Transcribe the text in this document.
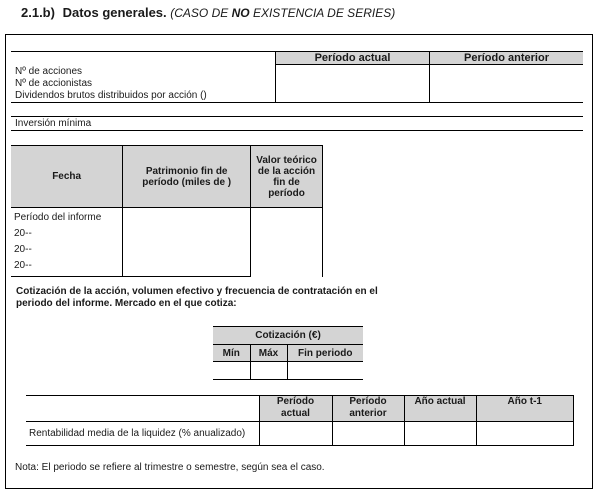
2.1.b) Datos generales. (CASO DE NO EXISTENCIA DE SERIES)
Período actual	Período anterior
Nº de acciones
Nº de accionistas
Dividendos brutos distribuidos por acción ()
Inversión mínima
Fecha	Patrimonio fin de período (miles de )	Valor teórico de la acción fin de período

Período del informe
20--
20--
20--		

Cotización de la acción, volumen efectivo y frecuencia de contratación en el periodo del informe. Mercado en el que cotiza:
Cotización (€)		
Mín	Máx	Fin periodo

	Período actual	Período anterior	Año actual	Año t-1
Rentabilidad media de la liquidez (% anualizado)				
Nota: El periodo se refiere al trimestre o semestre, según sea el caso.
